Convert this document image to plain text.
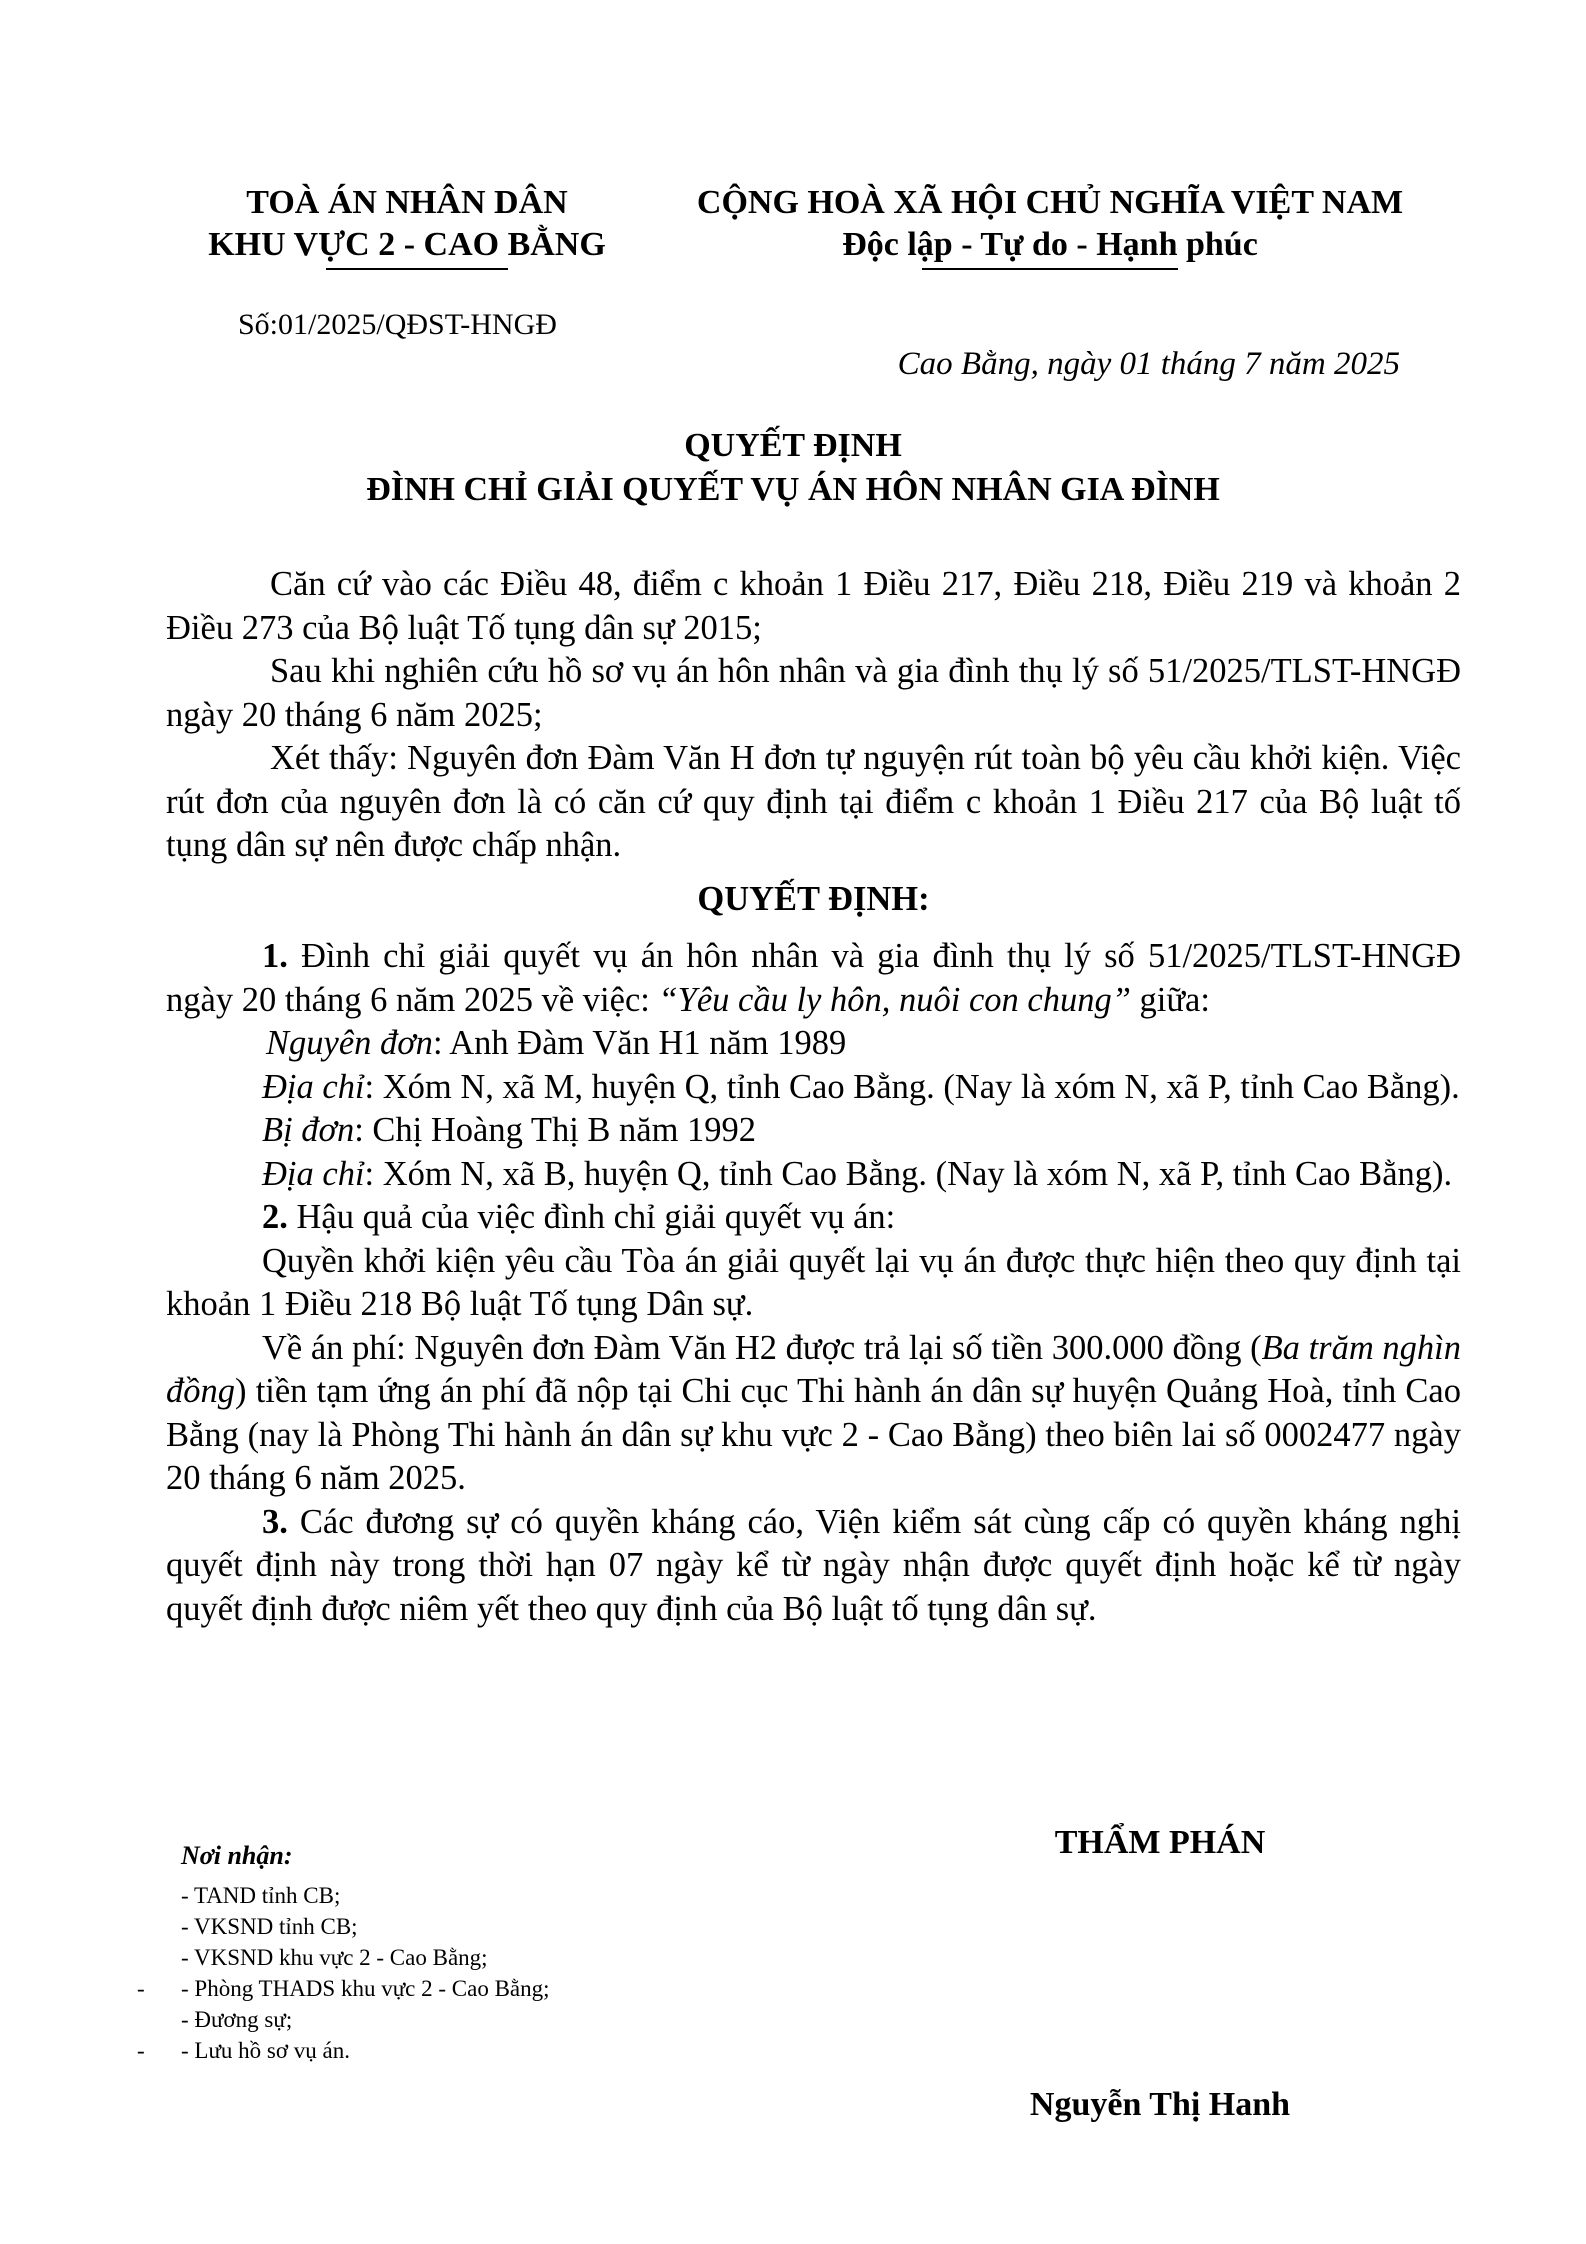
TOÀ ÁN NHÂN DÂN
KHU VỰC 2 - CAO BẰNG
CỘNG HOÀ XÃ HỘI CHỦ NGHĨA VIỆT NAM
Độc lập - Tự do - Hạnh phúc
Số:01/2025/QĐST-HNGĐ
Cao Bằng, ngày 01 tháng 7 năm 2025
QUYẾT ĐỊNH
ĐÌNH CHỈ GIẢI QUYẾT VỤ ÁN HÔN NHÂN GIA ĐÌNH

Căn cứ vào các Điều 48, điểm c khoản 1 Điều 217, Điều 218, Điều 219 và khoản 2 Điều 273 của Bộ luật Tố tụng dân sự 2015;

Sau khi nghiên cứu hồ sơ vụ án hôn nhân và gia đình thụ lý số 51/2025/TLST-HNGĐ ngày 20 tháng 6 năm 2025;

Xét thấy: Nguyên đơn Đàm Văn H đơn tự nguyện rút toàn bộ yêu cầu khởi kiện. Việc rút đơn của nguyên đơn là có căn cứ quy định tại điểm c khoản 1 Điều 217 của Bộ luật tố tụng dân sự nên được chấp nhận.

QUYẾT ĐỊNH:

1. Đình chỉ giải quyết vụ án hôn nhân và gia đình thụ lý số 51/2025/TLST-HNGĐ ngày 20 tháng 6 năm 2025 về việc: “Yêu cầu ly hôn, nuôi con chung” giữa:

Nguyên đơn: Anh Đàm Văn H1 năm 1989

Địa chỉ: Xóm N, xã M, huyện Q, tỉnh Cao Bằng. (Nay là xóm N, xã P, tỉnh Cao Bằng).

Bị đơn: Chị Hoàng Thị B năm 1992

Địa chỉ: Xóm N, xã B, huyện Q, tỉnh Cao Bằng. (Nay là xóm N, xã P, tỉnh Cao Bằng).

2. Hậu quả của việc đình chỉ giải quyết vụ án:

Quyền khởi kiện yêu cầu Tòa án giải quyết lại vụ án được thực hiện theo quy định tại khoản 1 Điều 218 Bộ luật Tố tụng Dân sự.

Về án phí: Nguyên đơn Đàm Văn H2 được trả lại số tiền 300.000 đồng (Ba trăm nghìn đồng) tiền tạm ứng án phí đã nộp tại Chi cục Thi hành án dân sự huyện Quảng Hoà, tỉnh Cao Bằng (nay là Phòng Thi hành án dân sự khu vực 2 - Cao Bằng) theo biên lai số 0002477 ngày 20 tháng 6 năm 2025.

3. Các đương sự có quyền kháng cáo, Viện kiểm sát cùng cấp có quyền kháng nghị quyết định này trong thời hạn 07 ngày kể từ ngày nhận được quyết định hoặc kể từ ngày quyết định được niêm yết theo quy định của Bộ luật tố tụng dân sự.

Nơi nhận:
- TAND tỉnh CB;
- VKSND tỉnh CB;
- VKSND khu vực 2 - Cao Bằng;
- - Phòng THADS khu vực 2 - Cao Bằng;
- Đương sự;
- - Lưu hồ sơ vụ án.
THẨM PHÁN
Nguyễn Thị Hanh
